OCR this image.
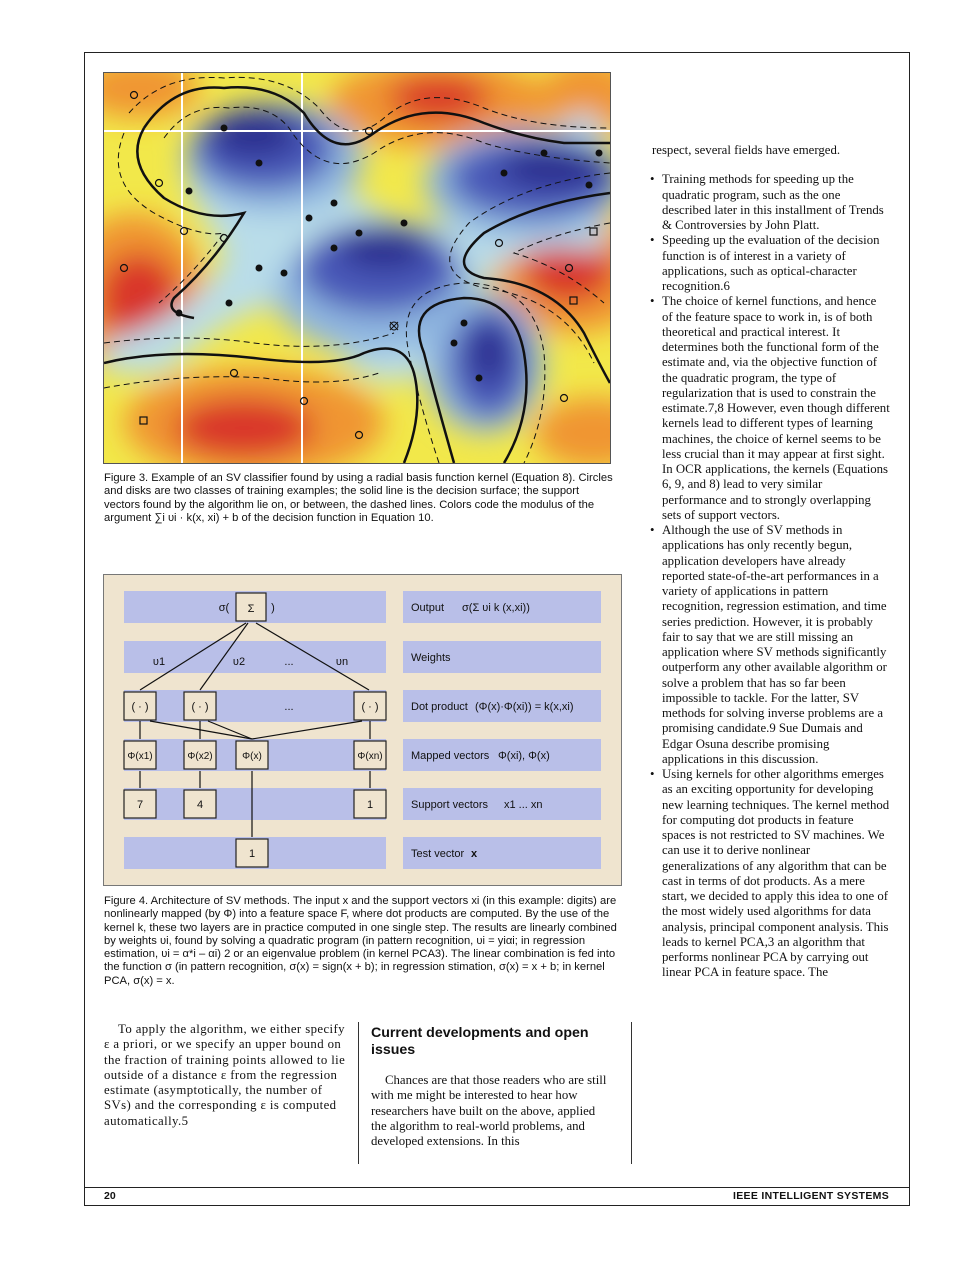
Figure 3. Example of an SV classifier found by using a radial basis function kernel (Equation 8). Circles and disks are two classes of training examples; the solid line is the decision surface; the support vectors found by the algorithm lie on, or between, the dashed lines. Colors code the modulus of the argument ∑i υi · k(x, xi) + b of the decision function in Equation 10.
σ( Σ )
υ1	υ2	...	υn
( · )	( · )	...	( · )
Φ(x1)	Φ(x2)	Φ(x)	Φ(xn)
7	4	1
1
Output σ(Σ υi k (x,xi))
Weights
Dot product (Φ(x)·Φ(xi)) = k(x,xi)
Mapped vectors Φ(xi), Φ(x)
Support vectors x1 ... xn
Test vector x
Figure 4. Architecture of SV methods. The input x and the support vectors xi (in this example: digits) are nonlinearly mapped (by Φ) into a feature space F, where dot products are computed. By the use of the kernel k, these two layers are in practice computed in one single step. The results are linearly combined by weights υi, found by solving a quadratic program (in pattern recognition, υi = yiαi; in regression estimation, υi = α*i – αi) 2 or an eigenvalue problem (in kernel PCA3). The linear combination is fed into the function σ (in pattern recognition, σ(x) = sign(x + b); in regression stimation, σ(x) = x + b; in kernel PCA, σ(x) = x.

respect, several fields have emerged.

• Training methods for speeding up the quadratic program, such as the one described later in this installment of Trends & Controversies by John Platt.
• Speeding up the evaluation of the decision function is of interest in a variety of applications, such as optical-character recognition.6
• The choice of kernel functions, and hence of the feature space to work in, is of both theoretical and practical interest. It determines both the functional form of the estimate and, via the objective function of the quadratic program, the type of regularization that is used to constrain the estimate.7,8 However, even though different kernels lead to different types of learning machines, the choice of kernel seems to be less crucial than it may appear at first sight. In OCR applications, the kernels (Equations 6, 9, and 8) lead to very similar performance and to strongly overlapping sets of support vectors.
• Although the use of SV methods in applications has only recently begun, application developers have already reported state-of-the-art performances in a variety of applications in pattern recognition, regression estimation, and time series prediction. However, it is probably fair to say that we are still missing an application where SV methods significantly outperform any other available algorithm or solve a problem that has so far been impossible to tackle. For the latter, SV methods for solving inverse problems are a promising candidate.9 Sue Dumais and Edgar Osuna describe promising applications in this discussion.
• Using kernels for other algorithms emerges as an exciting opportunity for developing new learning techniques. The kernel method for computing dot products in feature spaces is not restricted to SV machines. We can use it to derive nonlinear generalizations of any algorithm that can be cast in terms of dot products. As a mere start, we decided to apply this idea to one of the most widely used algorithms for data analysis, principal component analysis. This leads to kernel PCA,3 an algorithm that performs nonlinear PCA by carrying out linear PCA in feature space. The

To apply the algorithm, we either specify ε a priori, or we specify an upper bound on the fraction of training points allowed to lie outside of a distance ε from the regression estimate (asymptotically, the number of SVs) and the corresponding ε is computed automatically.5

Current developments and open issues

Chances are that those readers who are still with me might be interested to hear how researchers have built on the above, applied the algorithm to real-world problems, and developed extensions. In this

20	IEEE INTELLIGENT SYSTEMS
